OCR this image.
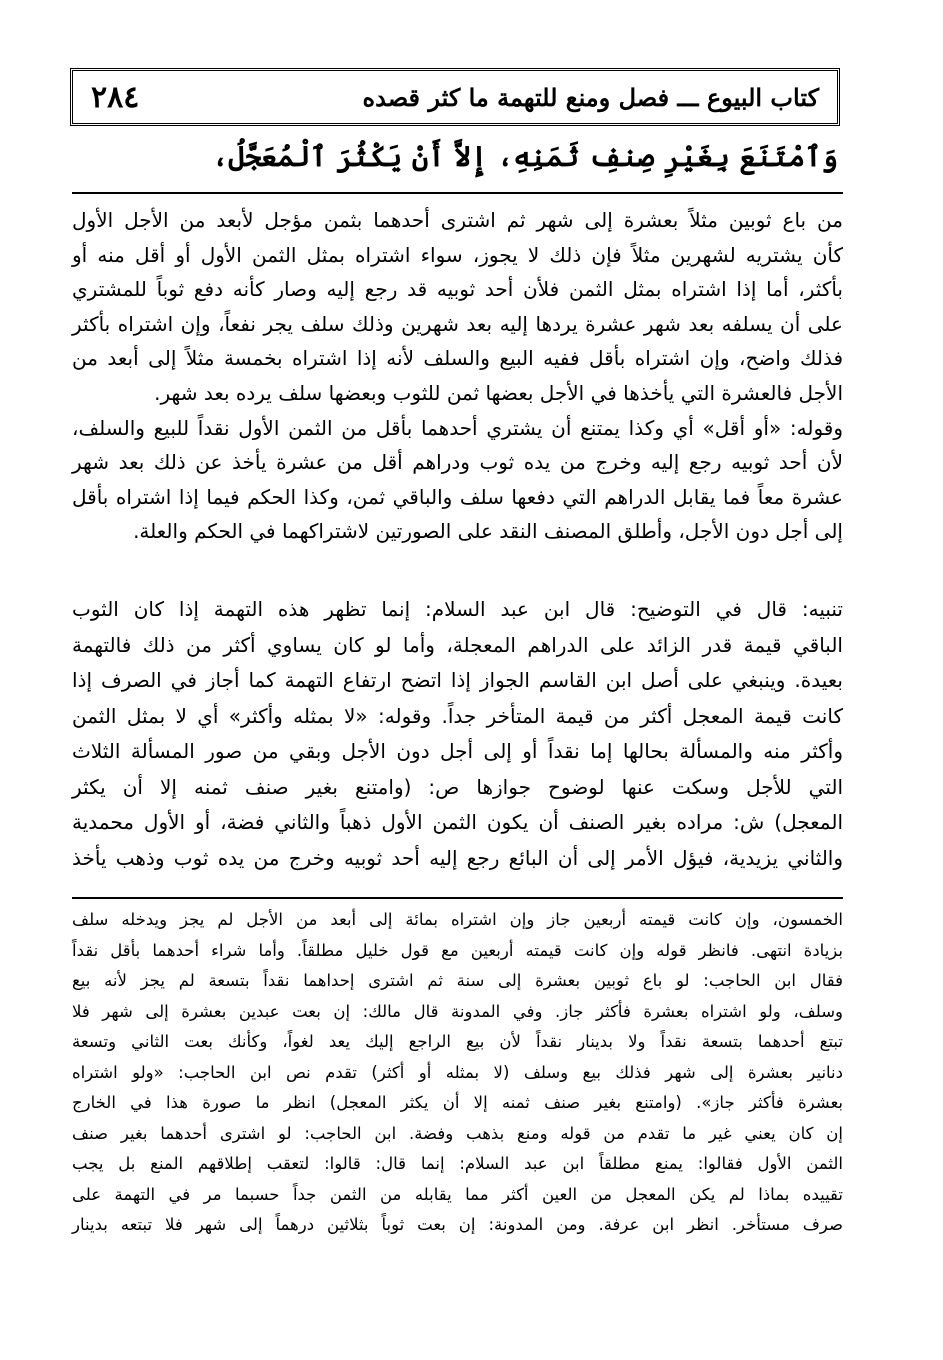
٢٨٤	كتاب البيوع ـــ فصل ومنع للتهمة ما كثر قصده
وَٱمْتَنَعَ بِغَيْرِ صِنفِ ثَمَنِهِ، إِلاَّ أَنْ يَكْثُرَ ٱلْمُعَجَّلُ،
من باع ثوبين مثلاً بعشرة إلى شهر ثم اشترى أحدهما بثمن مؤجل لأبعد من الأجل الأول
كأن يشتريه لشهرين مثلاً فإن ذلك لا يجوز، سواء اشتراه بمثل الثمن الأول أو أقل منه أو
بأكثر، أما إذا اشتراه بمثل الثمن فلأن أحد ثوبيه قد رجع إليه وصار كأنه دفع ثوباً للمشتري
على أن يسلفه بعد شهر عشرة يردها إليه بعد شهرين وذلك سلف يجر نفعاً، وإن اشتراه بأكثر
فذلك واضح، وإن اشتراه بأقل ففيه البيع والسلف لأنه إذا اشتراه بخمسة مثلاً إلى أبعد من
الأجل فالعشرة التي يأخذها في الأجل بعضها ثمن للثوب وبعضها سلف يرده بعد شهر.
وقوله: «أو أقل» أي وكذا يمتنع أن يشتري أحدهما بأقل من الثمن الأول نقداً للبيع والسلف،
لأن أحد ثوبيه رجع إليه وخرج من يده ثوب ودراهم أقل من عشرة يأخذ عن ذلك بعد شهر
عشرة معاً فما يقابل الدراهم التي دفعها سلف والباقي ثمن، وكذا الحكم فيما إذا اشتراه بأقل
إلى أجل دون الأجل، وأطلق المصنف النقد على الصورتين لاشتراكهما في الحكم والعلة.
تنبيه: قال في التوضيح: قال ابن عبد السلام: إنما تظهر هذه التهمة إذا كان الثوب
الباقي قيمة قدر الزائد على الدراهم المعجلة، وأما لو كان يساوي أكثر من ذلك فالتهمة
بعيدة. وينبغي على أصل ابن القاسم الجواز إذا اتضح ارتفاع التهمة كما أجاز في الصرف إذا
كانت قيمة المعجل أكثر من قيمة المتأخر جداً. وقوله: «لا بمثله وأكثر» أي لا بمثل الثمن
وأكثر منه والمسألة بحالها إما نقداً أو إلى أجل دون الأجل وبقي من صور المسألة الثلاث
التي للأجل وسكت عنها لوضوح جوازها ص: (وامتنع بغير صنف ثمنه إلا أن يكثر
المعجل) ش: مراده بغير الصنف أن يكون الثمن الأول ذهباً والثاني فضة، أو الأول محمدية
والثاني يزيدية، فيؤل الأمر إلى أن البائع رجع إليه أحد ثوبيه وخرج من يده ثوب وذهب يأخذ
الخمسون، وإن كانت قيمته أربعين جاز وإن اشتراه بمائة إلى أبعد من الأجل لم يجز ويدخله سلف
بزيادة انتهى. فانظر قوله وإن كانت قيمته أربعين مع قول خليل مطلقاً. وأما شراء أحدهما بأقل نقداً
فقال ابن الحاجب: لو باع ثوبين بعشرة إلى سنة ثم اشترى إحداهما نقداً بتسعة لم يجز لأنه بيع
وسلف، ولو اشتراه بعشرة فأكثر جاز. وفي المدونة قال مالك: إن بعت عبدين بعشرة إلى شهر فلا
تبتع أحدهما بتسعة نقداً ولا بدينار نقداً لأن بيع الراجع إليك يعد لغواً، وكأنك بعت الثاني وتسعة
دنانير بعشرة إلى شهر فذلك بيع وسلف (لا بمثله أو أكثر) تقدم نص ابن الحاجب: «ولو اشتراه
بعشرة فأكثر جاز». (وامتنع بغير صنف ثمنه إلا أن يكثر المعجل) انظر ما صورة هذا في الخارج
إن كان يعني غير ما تقدم من قوله ومنع بذهب وفضة. ابن الحاجب: لو اشترى أحدهما بغير صنف
الثمن الأول فقالوا: يمنع مطلقاً ابن عبد السلام: إنما قال: قالوا: لتعقب إطلاقهم المنع بل يجب
تقييده بماذا لم يكن المعجل من العين أكثر مما يقابله من الثمن جداً حسبما مر في التهمة على
صرف مستأخر. انظر ابن عرفة. ومن المدونة: إن بعت ثوباً بثلاثين درهماً إلى شهر فلا تبتعه بدينار
